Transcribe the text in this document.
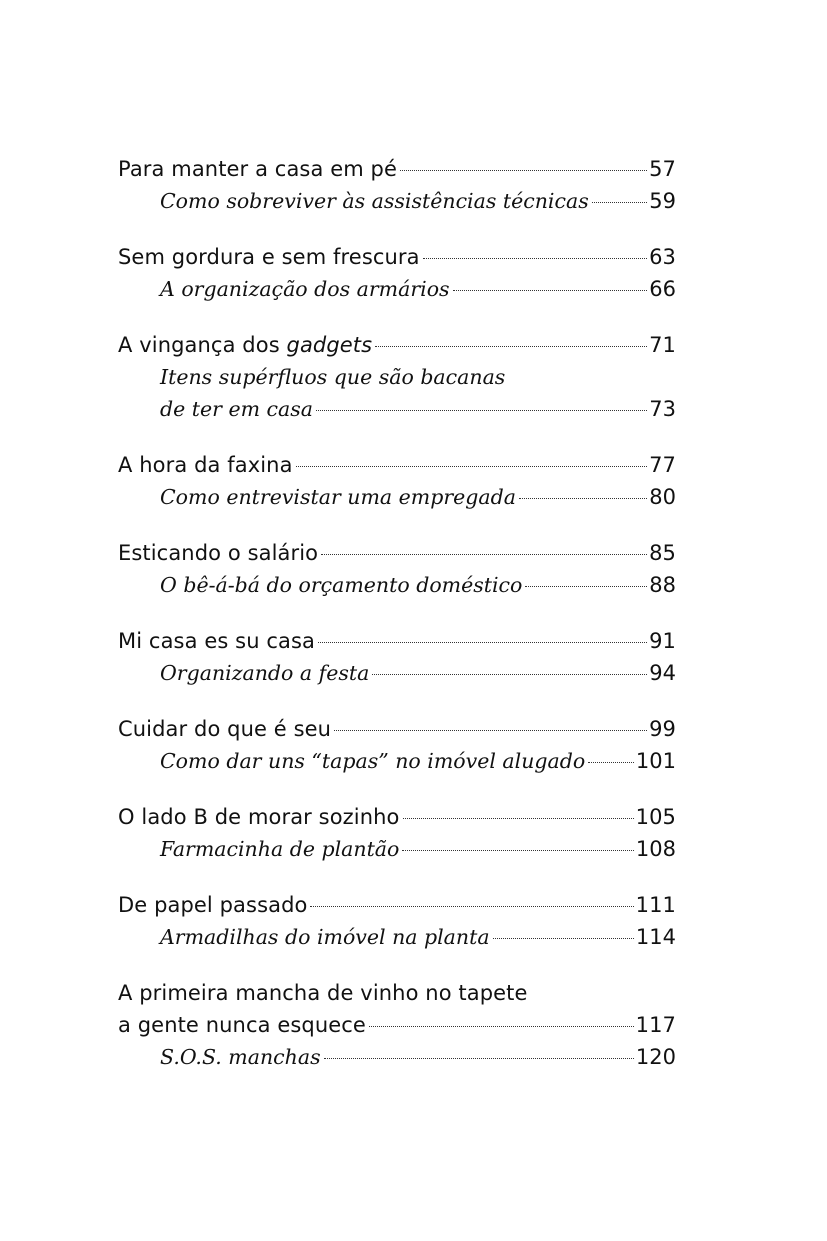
Para manter a casa em pé	57
Como sobreviver às assistências técnicas	59
Sem gordura e sem frescura	63
A organização dos armários	66
A vingança dos gadgets	71
Itens supérfluos que são bacanas
de ter em casa	73
A hora da faxina	77
Como entrevistar uma empregada	80
Esticando o salário	85
O bê-á-bá do orçamento doméstico	88
Mi casa es su casa	91
Organizando a festa	94
Cuidar do que é seu	99
Como dar uns “tapas” no imóvel alugado 101
O lado B de morar sozinho	105
Farmacinha de plantão	108
De papel passado	111
Armadilhas do imóvel na planta	114
A primeira mancha de vinho no tapete
a gente nunca esquece	117
S.O.S. manchas	120
